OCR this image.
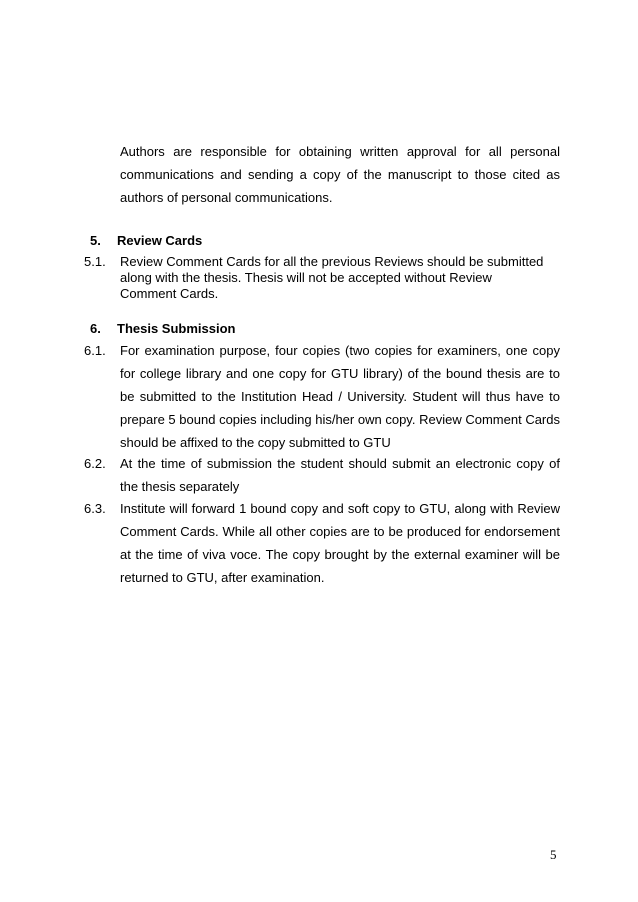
Authors are responsible for obtaining written approval for all personal communications and sending a copy of the manuscript to those cited as authors of personal communications.

5. Review Cards
5.1.	Review Comment Cards for all the previous Reviews should be submitted along with the thesis. Thesis will not be accepted without Review Comment Cards.
6. Thesis Submission
6.1.	For examination purpose, four copies (two copies for examiners, one copy for college library and one copy for GTU library) of the bound thesis are to be submitted to the Institution Head / University. Student will thus have to prepare 5 bound copies including his/her own copy. Review Comment Cards should be affixed to the copy submitted to GTU
6.2.	At the time of submission the student should submit an electronic copy of the thesis separately
6.3.	Institute will forward 1 bound copy and soft copy to GTU, along with Review Comment Cards. While all other copies are to be produced for endorsement at the time of viva voce. The copy brought by the external examiner will be returned to GTU, after examination.
5
